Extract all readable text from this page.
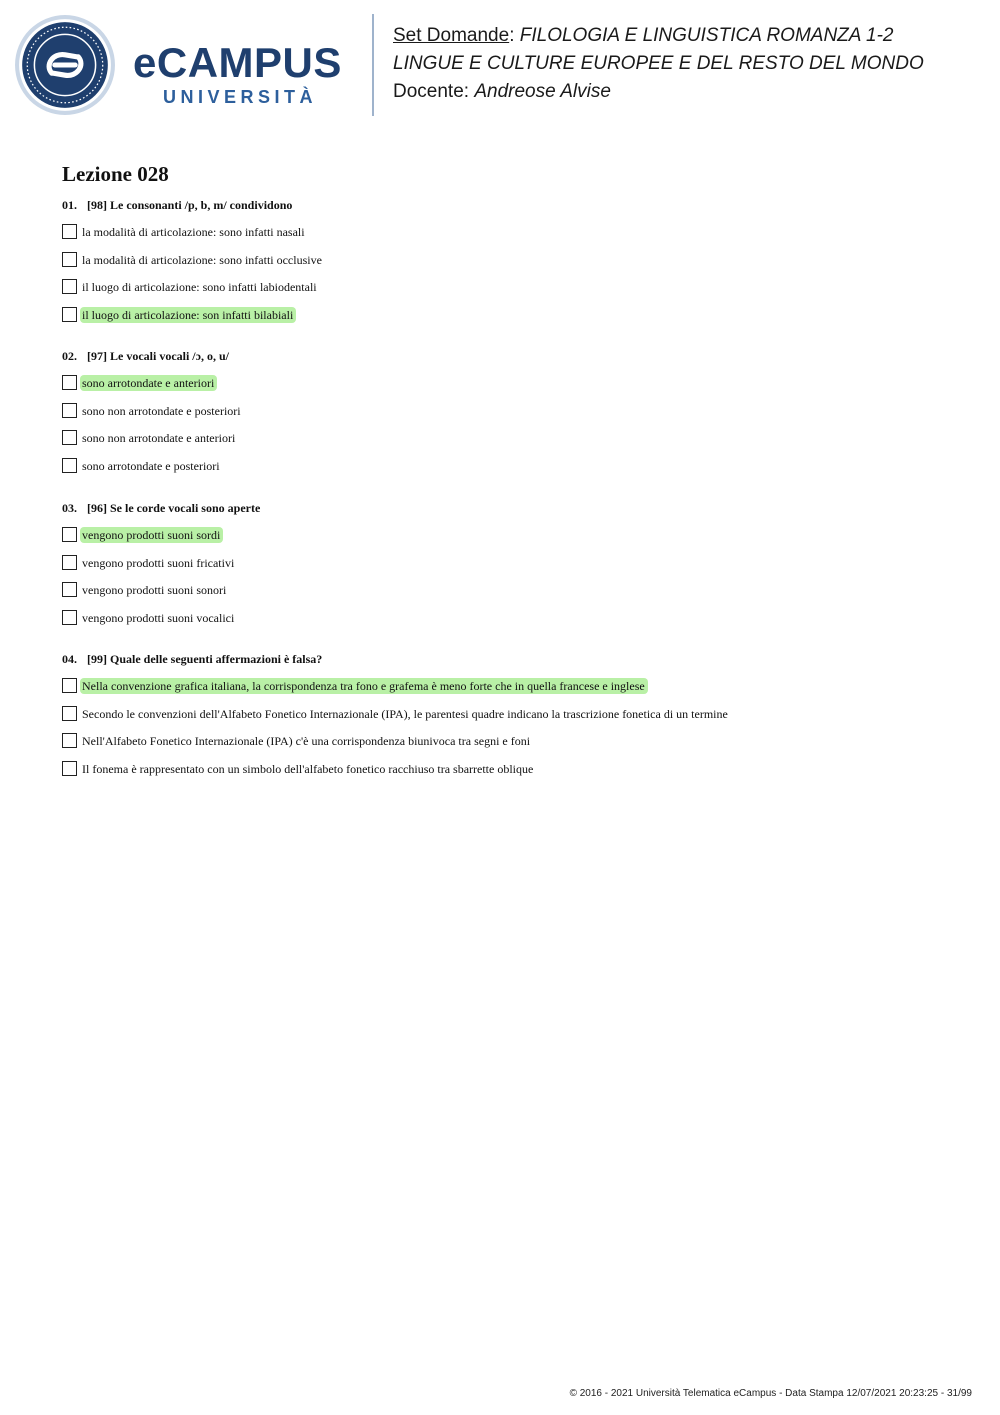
eCAMPUS
UNIVERSITÀ
Set Domande: FILOLOGIA E LINGUISTICA ROMANZA 1-2
LINGUE E CULTURE EUROPEE E DEL RESTO DEL MONDO
Docente: Andreose Alvise
Lezione 028
01. [98] Le consonanti /p, b, m/ condividono
la modalità di articolazione: sono infatti nasali
la modalità di articolazione: sono infatti occlusive
il luogo di articolazione: sono infatti labiodentali
il luogo di articolazione: son infatti bilabiali
02. [97] Le vocali vocali /ɔ, o, u/
sono arrotondate e anteriori
sono non arrotondate e posteriori
sono non arrotondate e anteriori
sono arrotondate e posteriori
03. [96] Se le corde vocali sono aperte
vengono prodotti suoni sordi
vengono prodotti suoni fricativi
vengono prodotti suoni sonori
vengono prodotti suoni vocalici
04. [99] Quale delle seguenti affermazioni è falsa?
Nella convenzione grafica italiana, la corrispondenza tra fono e grafema è meno forte che in quella francese e inglese
Secondo le convenzioni dell'Alfabeto Fonetico Internazionale (IPA), le parentesi quadre indicano la trascrizione fonetica di un termine
Nell'Alfabeto Fonetico Internazionale (IPA) c'è una corrispondenza biunivoca tra segni e foni
Il fonema è rappresentato con un simbolo dell'alfabeto fonetico racchiuso tra sbarrette oblique
© 2016 - 2021 Università Telematica eCampus - Data Stampa 12/07/2021 20:23:25 - 31/99
